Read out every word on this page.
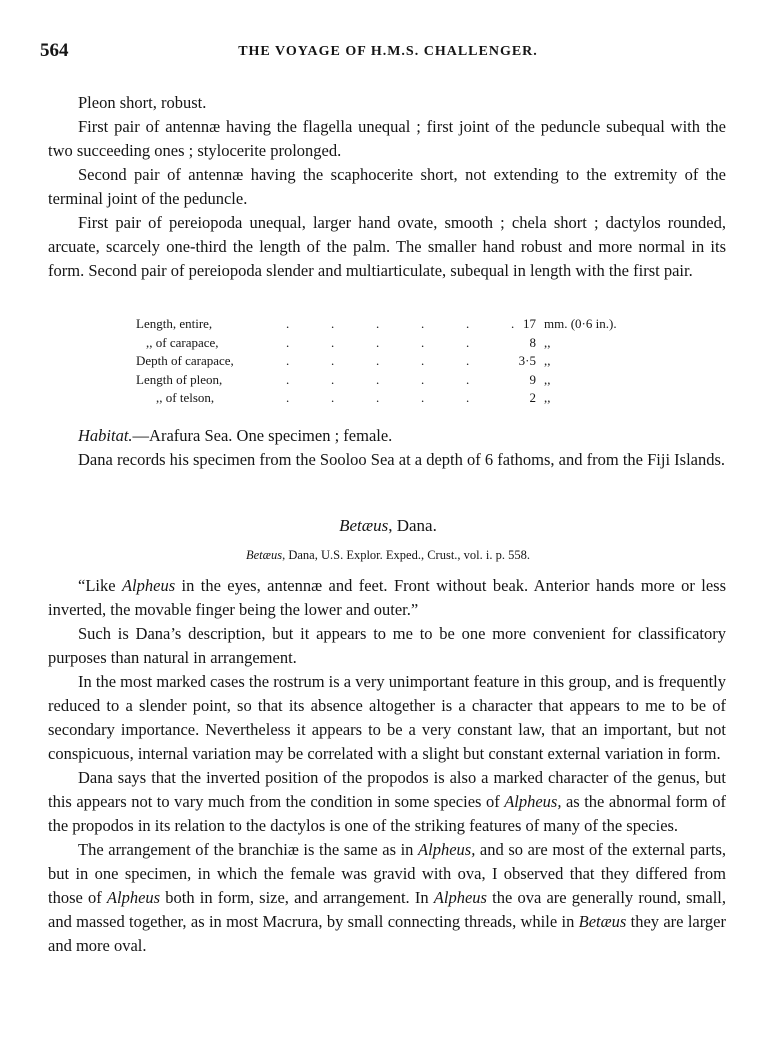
564	THE VOYAGE OF H.M.S. CHALLENGER.

Pleon short, robust.

First pair of antennæ having the flagella unequal ; first joint of the peduncle subequal with the two succeeding ones ; stylocerite prolonged.

Second pair of antennæ having the scaphocerite short, not extending to the extremity of the terminal joint of the peduncle.

First pair of pereiopoda unequal, larger hand ovate, smooth ; chela short ; dactylos rounded, arcuate, scarcely one-third the length of the palm. The smaller hand robust and more normal in its form. Second pair of pereiopoda slender and multiarticulate, subequal in length with the first pair.

Length, entire,	.	.	.	.	.	. 17 mm. (0·6 in.).
,, of carapace,	.	.	.	.	.	8 ,,
Depth of carapace,	.	.	.	.	.	3·5 ,,
Length of pleon,	.	.	.	.	.	9 ,,
,, of telson,	.	.	.	.	.	2 ,,

Habitat.—Arafura Sea. One specimen ; female.

Dana records his specimen from the Sooloo Sea at a depth of 6 fathoms, and from the Fiji Islands.

Betæus, Dana.
Betæus, Dana, U.S. Explor. Exped., Crust., vol. i. p. 558.

“Like Alpheus in the eyes, antennæ and feet. Front without beak. Anterior hands more or less inverted, the movable finger being the lower and outer.”

Such is Dana’s description, but it appears to me to be one more convenient for classificatory purposes than natural in arrangement.

In the most marked cases the rostrum is a very unimportant feature in this group, and is frequently reduced to a slender point, so that its absence altogether is a character that appears to me to be of secondary importance. Nevertheless it appears to be a very constant law, that an important, but not conspicuous, internal variation may be correlated with a slight but constant external variation in form.

Dana says that the inverted position of the propodos is also a marked character of the genus, but this appears not to vary much from the condition in some species of Alpheus, as the abnormal form of the propodos in its relation to the dactylos is one of the striking features of many of the species.

The arrangement of the branchiæ is the same as in Alpheus, and so are most of the external parts, but in one specimen, in which the female was gravid with ova, I observed that they differed from those of Alpheus both in form, size, and arrangement. In Alpheus the ova are generally round, small, and massed together, as in most Macrura, by small connecting threads, while in Betæus they are larger and more oval.
